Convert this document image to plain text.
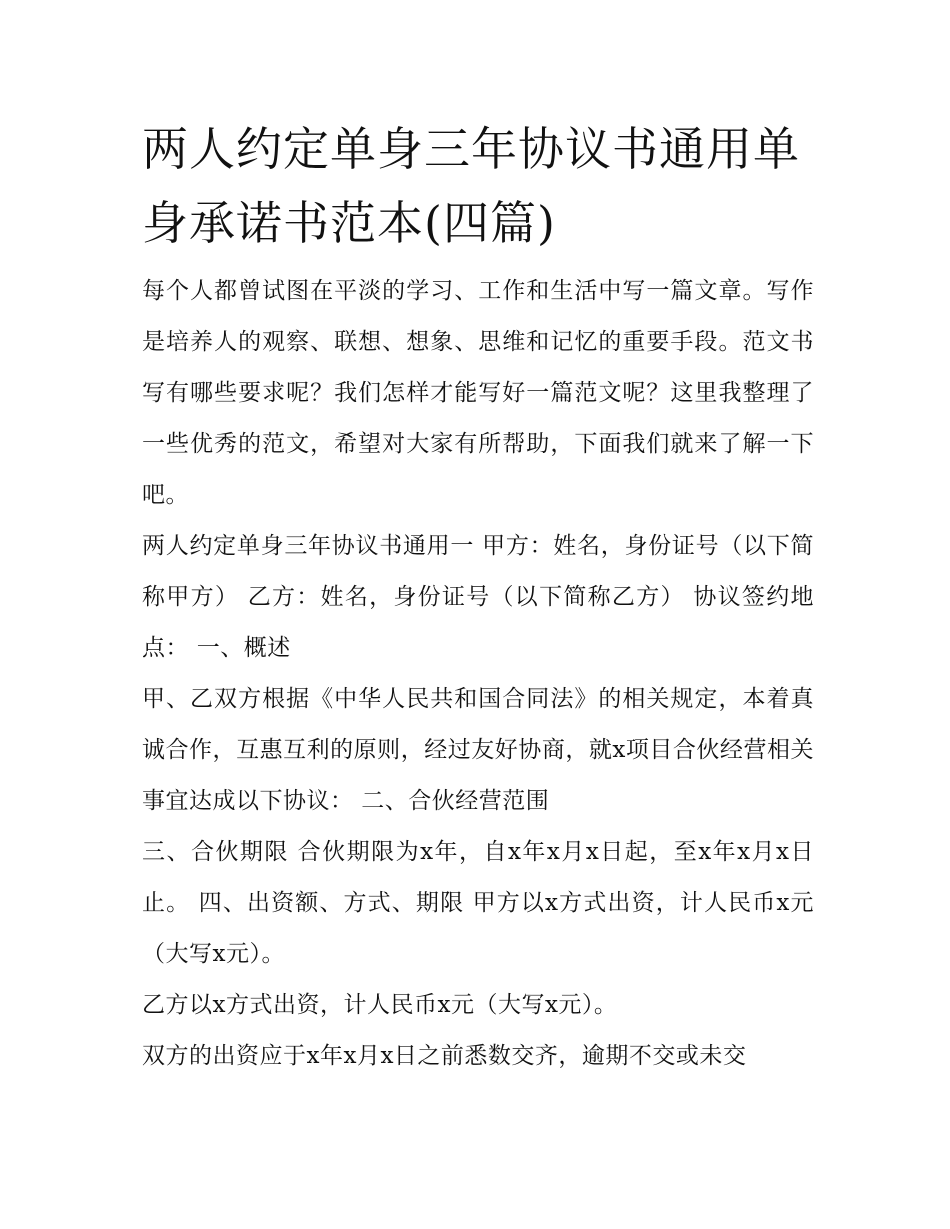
两人约定单身三年协议书通用单身承诺书范本(四篇)

每个人都曾试图在平淡的学习、工作和生活中写一篇文章。写作是培养人的观察、联想、想象、思维和记忆的重要手段。范文书写有哪些要求呢？我们怎样才能写好一篇范文呢？这里我整理了一些优秀的范文，希望对大家有所帮助，下面我们就来了解一下吧。

两人约定单身三年协议书通用一 甲方：姓名，身份证号（以下简称甲方） 乙方：姓名，身份证号（以下简称乙方） 协议签约地点： 一、概述

甲、乙双方根据《中华人民共和国合同法》的相关规定，本着真诚合作，互惠互利的原则，经过友好协商，就x项目合伙经营相关事宜达成以下协议： 二、合伙经营范围

三、合伙期限 合伙期限为x年，自x年x月x日起，至x年x月x日止。 四、出资额、方式、期限 甲方以x方式出资，计人民币x元（大写x元）。

乙方以x方式出资，计人民币x元（大写x元）。

双方的出资应于x年x月x日之前悉数交齐，逾期不交或未交
